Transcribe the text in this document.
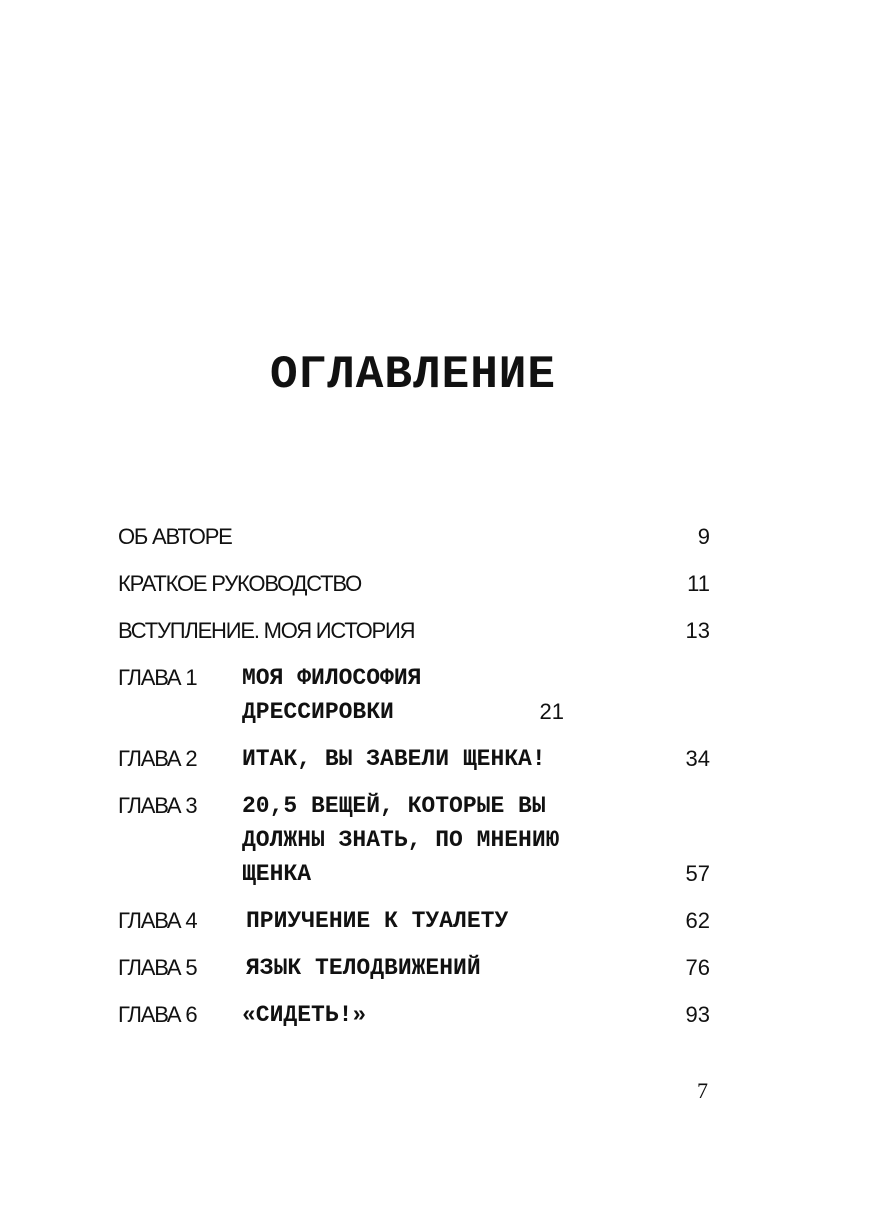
ОГЛАВЛЕНИЕ
ОБ АВТОРЕ	9
КРАТКОЕ РУКОВОДСТВО	11
ВСТУПЛЕНИЕ. МОЯ ИСТОРИЯ	13
ГЛАВА 1	МОЯ ФИЛОСОФИЯ ДРЕССИРОВКИ	21
ГЛАВА 2	ИТАК, ВЫ ЗАВЕЛИ ЩЕНКА!	34
ГЛАВА 3	20,5 ВЕЩЕЙ, КОТОРЫЕ ВЫ ДОЛЖНЫ ЗНАТЬ, ПО МНЕНИЮ ЩЕНКА	57
ГЛАВА 4	ПРИУЧЕНИЕ К ТУАЛЕТУ	62
ГЛАВА 5	ЯЗЫК ТЕЛОДВИЖЕНИЙ	76
ГЛАВА 6	«СИДЕТЬ!»	93
7
